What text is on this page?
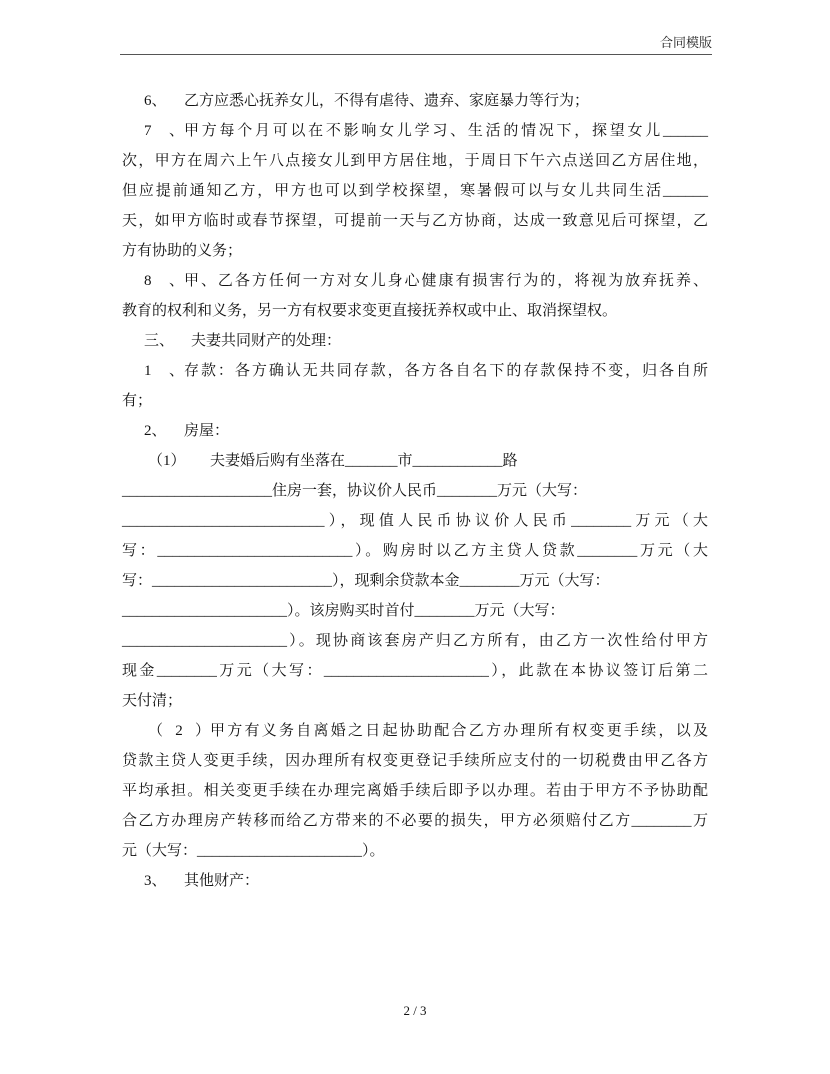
合同模版
6、 乙方应悉心抚养女儿，不得有虐待、遗弃、家庭暴力等行为；
7、甲方每个月可以在不影响女儿学习、生活的情况下，探望女儿______
次，甲方在周六上午八点接女儿到甲方居住地，于周日下午六点送回乙方居住地，
但应提前通知乙方，甲方也可以到学校探望，寒暑假可以与女儿共同生活______
天，如甲方临时或春节探望，可提前一天与乙方协商，达成一致意见后可探望，乙
方有协助的义务；
8、甲、乙各方任何一方对女儿身心健康有损害行为的，将视为放弃抚养、
教育的权利和义务，另一方有权要求变更直接抚养权或中止、取消探望权。
三、 夫妻共同财产的处理：
1、存款：各方确认无共同存款，各方各自名下的存款保持不变，归各自所
有；
2、 房屋：
（1） 夫妻婚后购有坐落在_______市____________路
____________________住房一套，协议价人民币________万元（大写：
___________________________），现值人民币协议价人民币________万元（大
写：__________________________）。购房时以乙方主贷人贷款________万元（大
写：________________________），现剩余贷款本金________万元（大写：
______________________）。该房购买时首付________万元（大写：
______________________）。现协商该套房产归乙方所有，由乙方一次性给付甲方
现金________万元（大写：______________________），此款在本协议签订后第二
天付清；
（2）甲方有义务自离婚之日起协助配合乙方办理所有权变更手续，以及
贷款主贷人变更手续，因办理所有权变更登记手续所应支付的一切税费由甲乙各方
平均承担。相关变更手续在办理完离婚手续后即予以办理。若由于甲方不予协助配
合乙方办理房产转移而给乙方带来的不必要的损失，甲方必须赔付乙方________万
元（大写：______________________）。
3、 其他财产：
2 / 3
